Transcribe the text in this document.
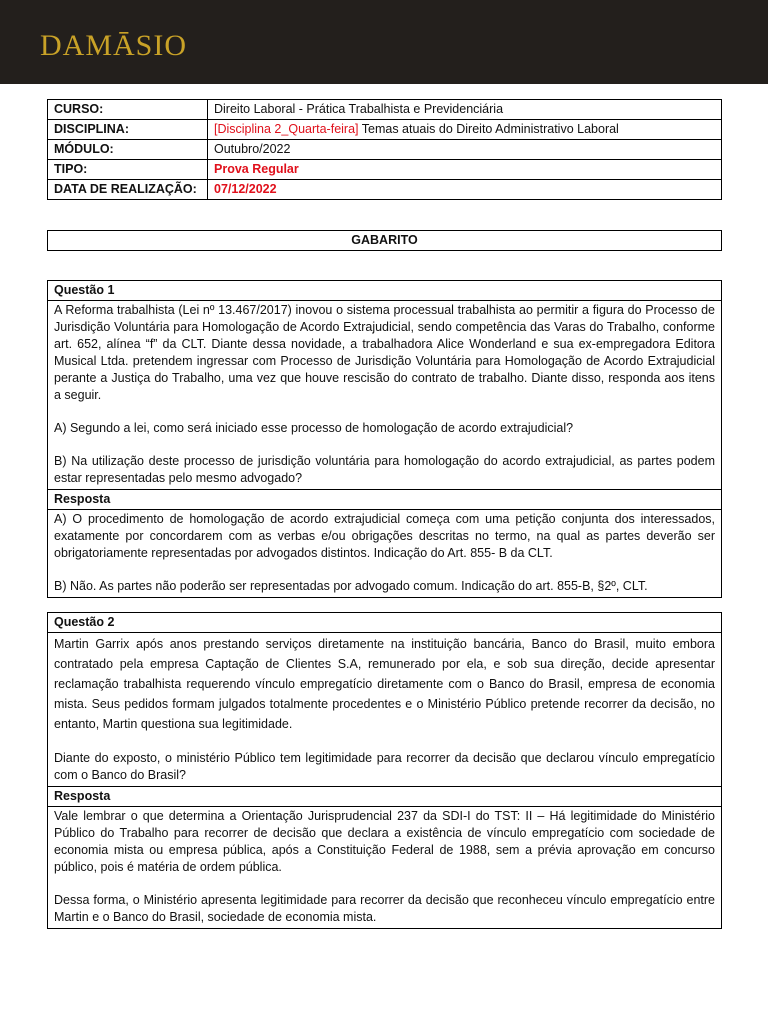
DAMĀSIO
CURSO:	Direito Laboral - Prática Trabalhista e Previdenciária
DISCIPLINA:	[Disciplina 2_Quarta-feira] Temas atuais do Direito Administrativo Laboral
MÓDULO:	Outubro/2022
TIPO:	Prova Regular
DATA DE REALIZAÇÃO:	07/12/2022
GABARITO
Questão 1

A Reforma trabalhista (Lei nº 13.467/2017) inovou o sistema processual trabalhista ao permitir a figura do Processo de Jurisdição Voluntária para Homologação de Acordo Extrajudicial, sendo competência das Varas do Trabalho, conforme art. 652, alínea “f” da CLT. Diante dessa novidade, a trabalhadora Alice Wonderland e sua ex-empregadora Editora Musical Ltda. pretendem ingressar com Processo de Jurisdição Voluntária para Homologação de Acordo Extrajudicial perante a Justiça do Trabalho, uma vez que houve rescisão do contrato de trabalho. Diante disso, responda aos itens a seguir.

A) Segundo a lei, como será iniciado esse processo de homologação de acordo extrajudicial?

B) Na utilização deste processo de jurisdição voluntária para homologação do acordo extrajudicial, as partes podem estar representadas pelo mesmo advogado?

Resposta

A) O procedimento de homologação de acordo extrajudicial começa com uma petição conjunta dos interessados, exatamente por concordarem com as verbas e/ou obrigações descritas no termo, na qual as partes deverão ser obrigatoriamente representadas por advogados distintos. Indicação do Art. 855- B da CLT.

B) Não. As partes não poderão ser representadas por advogado comum. Indicação do art. 855-B, §2º, CLT.

Questão 2

Martin Garrix após anos prestando serviços diretamente na instituição bancária, Banco do Brasil, muito embora contratado pela empresa Captação de Clientes S.A, remunerado por ela, e sob sua direção, decide apresentar reclamação trabalhista requerendo vínculo empregatício diretamente com o Banco do Brasil, empresa de economia mista. Seus pedidos formam julgados totalmente procedentes e o Ministério Público pretende recorrer da decisão, no entanto, Martin questiona sua legitimidade.

Diante do exposto, o ministério Público tem legitimidade para recorrer da decisão que declarou vínculo empregatício com o Banco do Brasil?

Resposta

Vale lembrar o que determina a Orientação Jurisprudencial 237 da SDI-I do TST: II – Há legitimidade do Ministério Público do Trabalho para recorrer de decisão que declara a existência de vínculo empregatício com sociedade de economia mista ou empresa pública, após a Constituição Federal de 1988, sem a prévia aprovação em concurso público, pois é matéria de ordem pública.

Dessa forma, o Ministério apresenta legitimidade para recorrer da decisão que reconheceu vínculo empregatício entre Martin e o Banco do Brasil, sociedade de economia mista.
